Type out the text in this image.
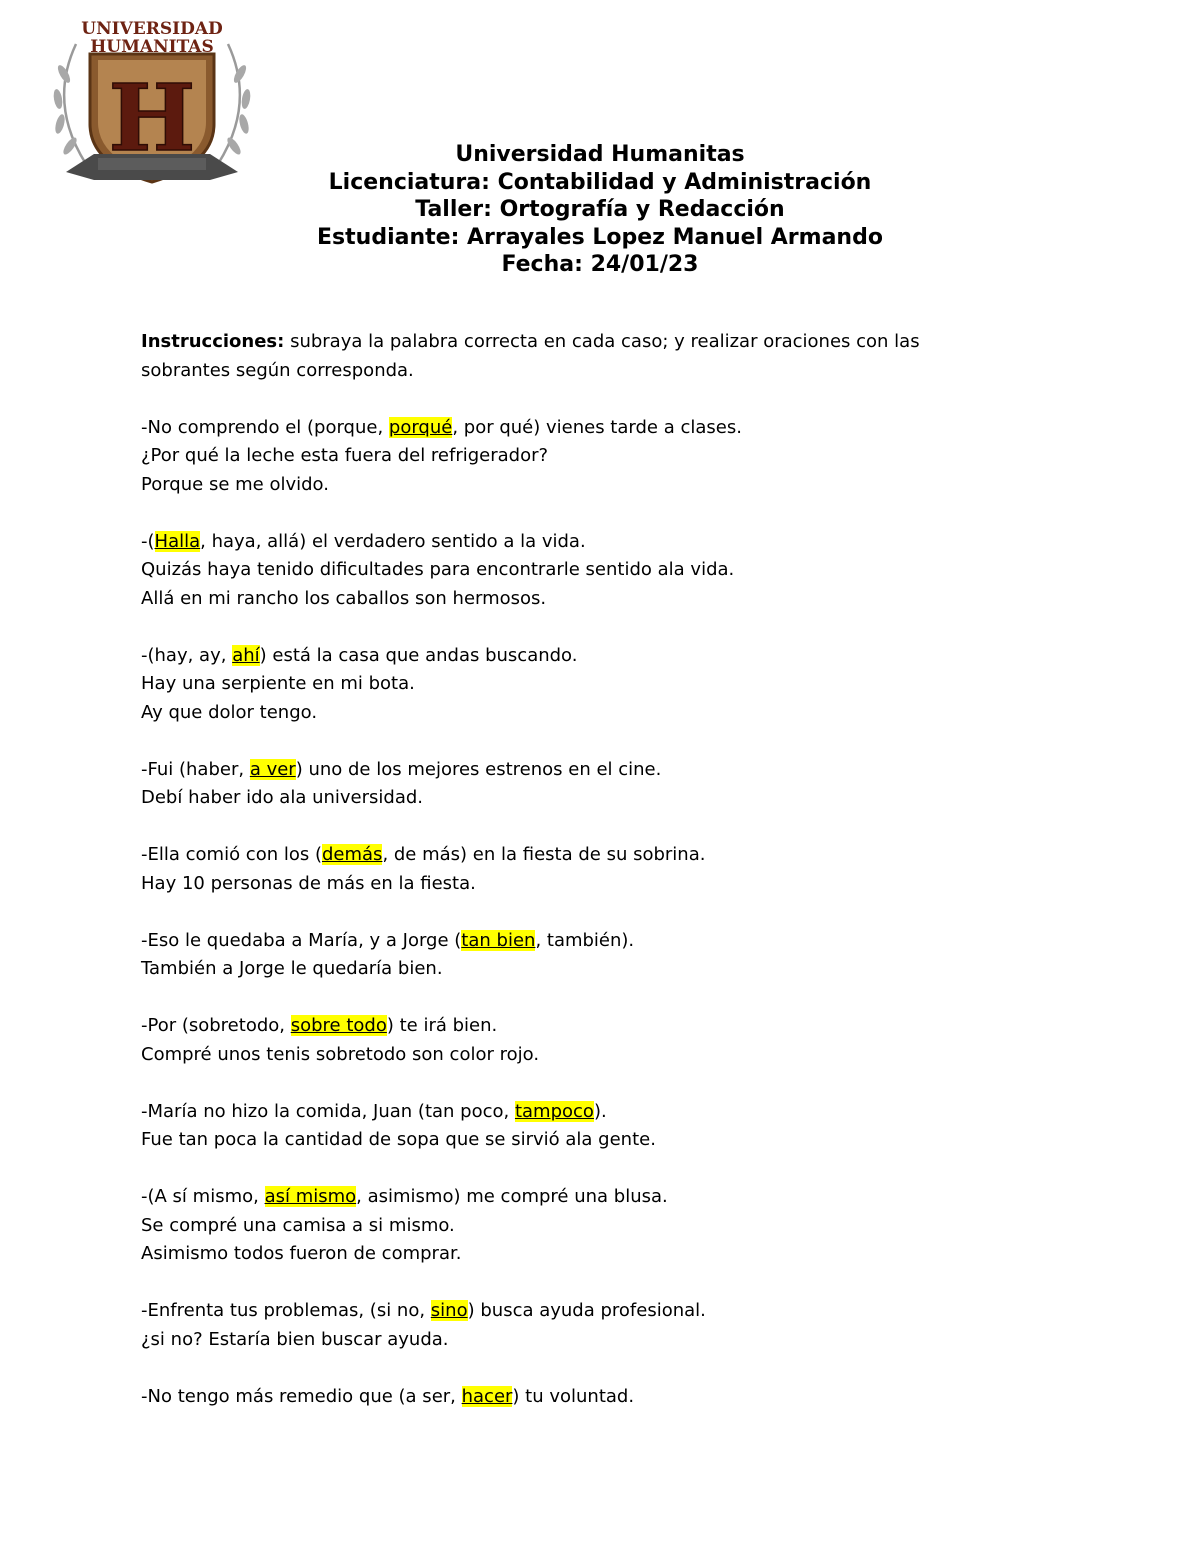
H
UNIVERSIDAD
HUMANITAS
Universidad Humanitas
Licenciatura: Contabilidad y Administración
Taller: Ortografía y Redacción
Estudiante: Arrayales Lopez Manuel Armando
Fecha: 24/01/23
Instrucciones: subraya la palabra correcta en cada caso; y realizar oraciones con las
sobrantes según corresponda.
-No comprendo el (porque, porqué, por qué) vienes tarde a clases.
¿Por qué la leche esta fuera del refrigerador?
Porque se me olvido.
-(Halla, haya, allá) el verdadero sentido a la vida.
Quizás haya tenido dificultades para encontrarle sentido ala vida.
Allá en mi rancho los caballos son hermosos.
-(hay, ay, ahí) está la casa que andas buscando.
Hay una serpiente en mi bota.
Ay que dolor tengo.
-Fui (haber, a ver) uno de los mejores estrenos en el cine.
Debí haber ido ala universidad.
-Ella comió con los (demás, de más) en la fiesta de su sobrina.
Hay 10 personas de más en la fiesta.
-Eso le quedaba a María, y a Jorge (tan bien, también).
También a Jorge le quedaría bien.
-Por (sobretodo, sobre todo) te irá bien.
Compré unos tenis sobretodo son color rojo.
-María no hizo la comida, Juan (tan poco, tampoco).
Fue tan poca la cantidad de sopa que se sirvió ala gente.
-(A sí mismo, así mismo, asimismo) me compré una blusa.
Se compré una camisa a si mismo.
Asimismo todos fueron de comprar.
-Enfrenta tus problemas, (si no, sino) busca ayuda profesional.
¿si no? Estaría bien buscar ayuda.
-No tengo más remedio que (a ser, hacer) tu voluntad.
